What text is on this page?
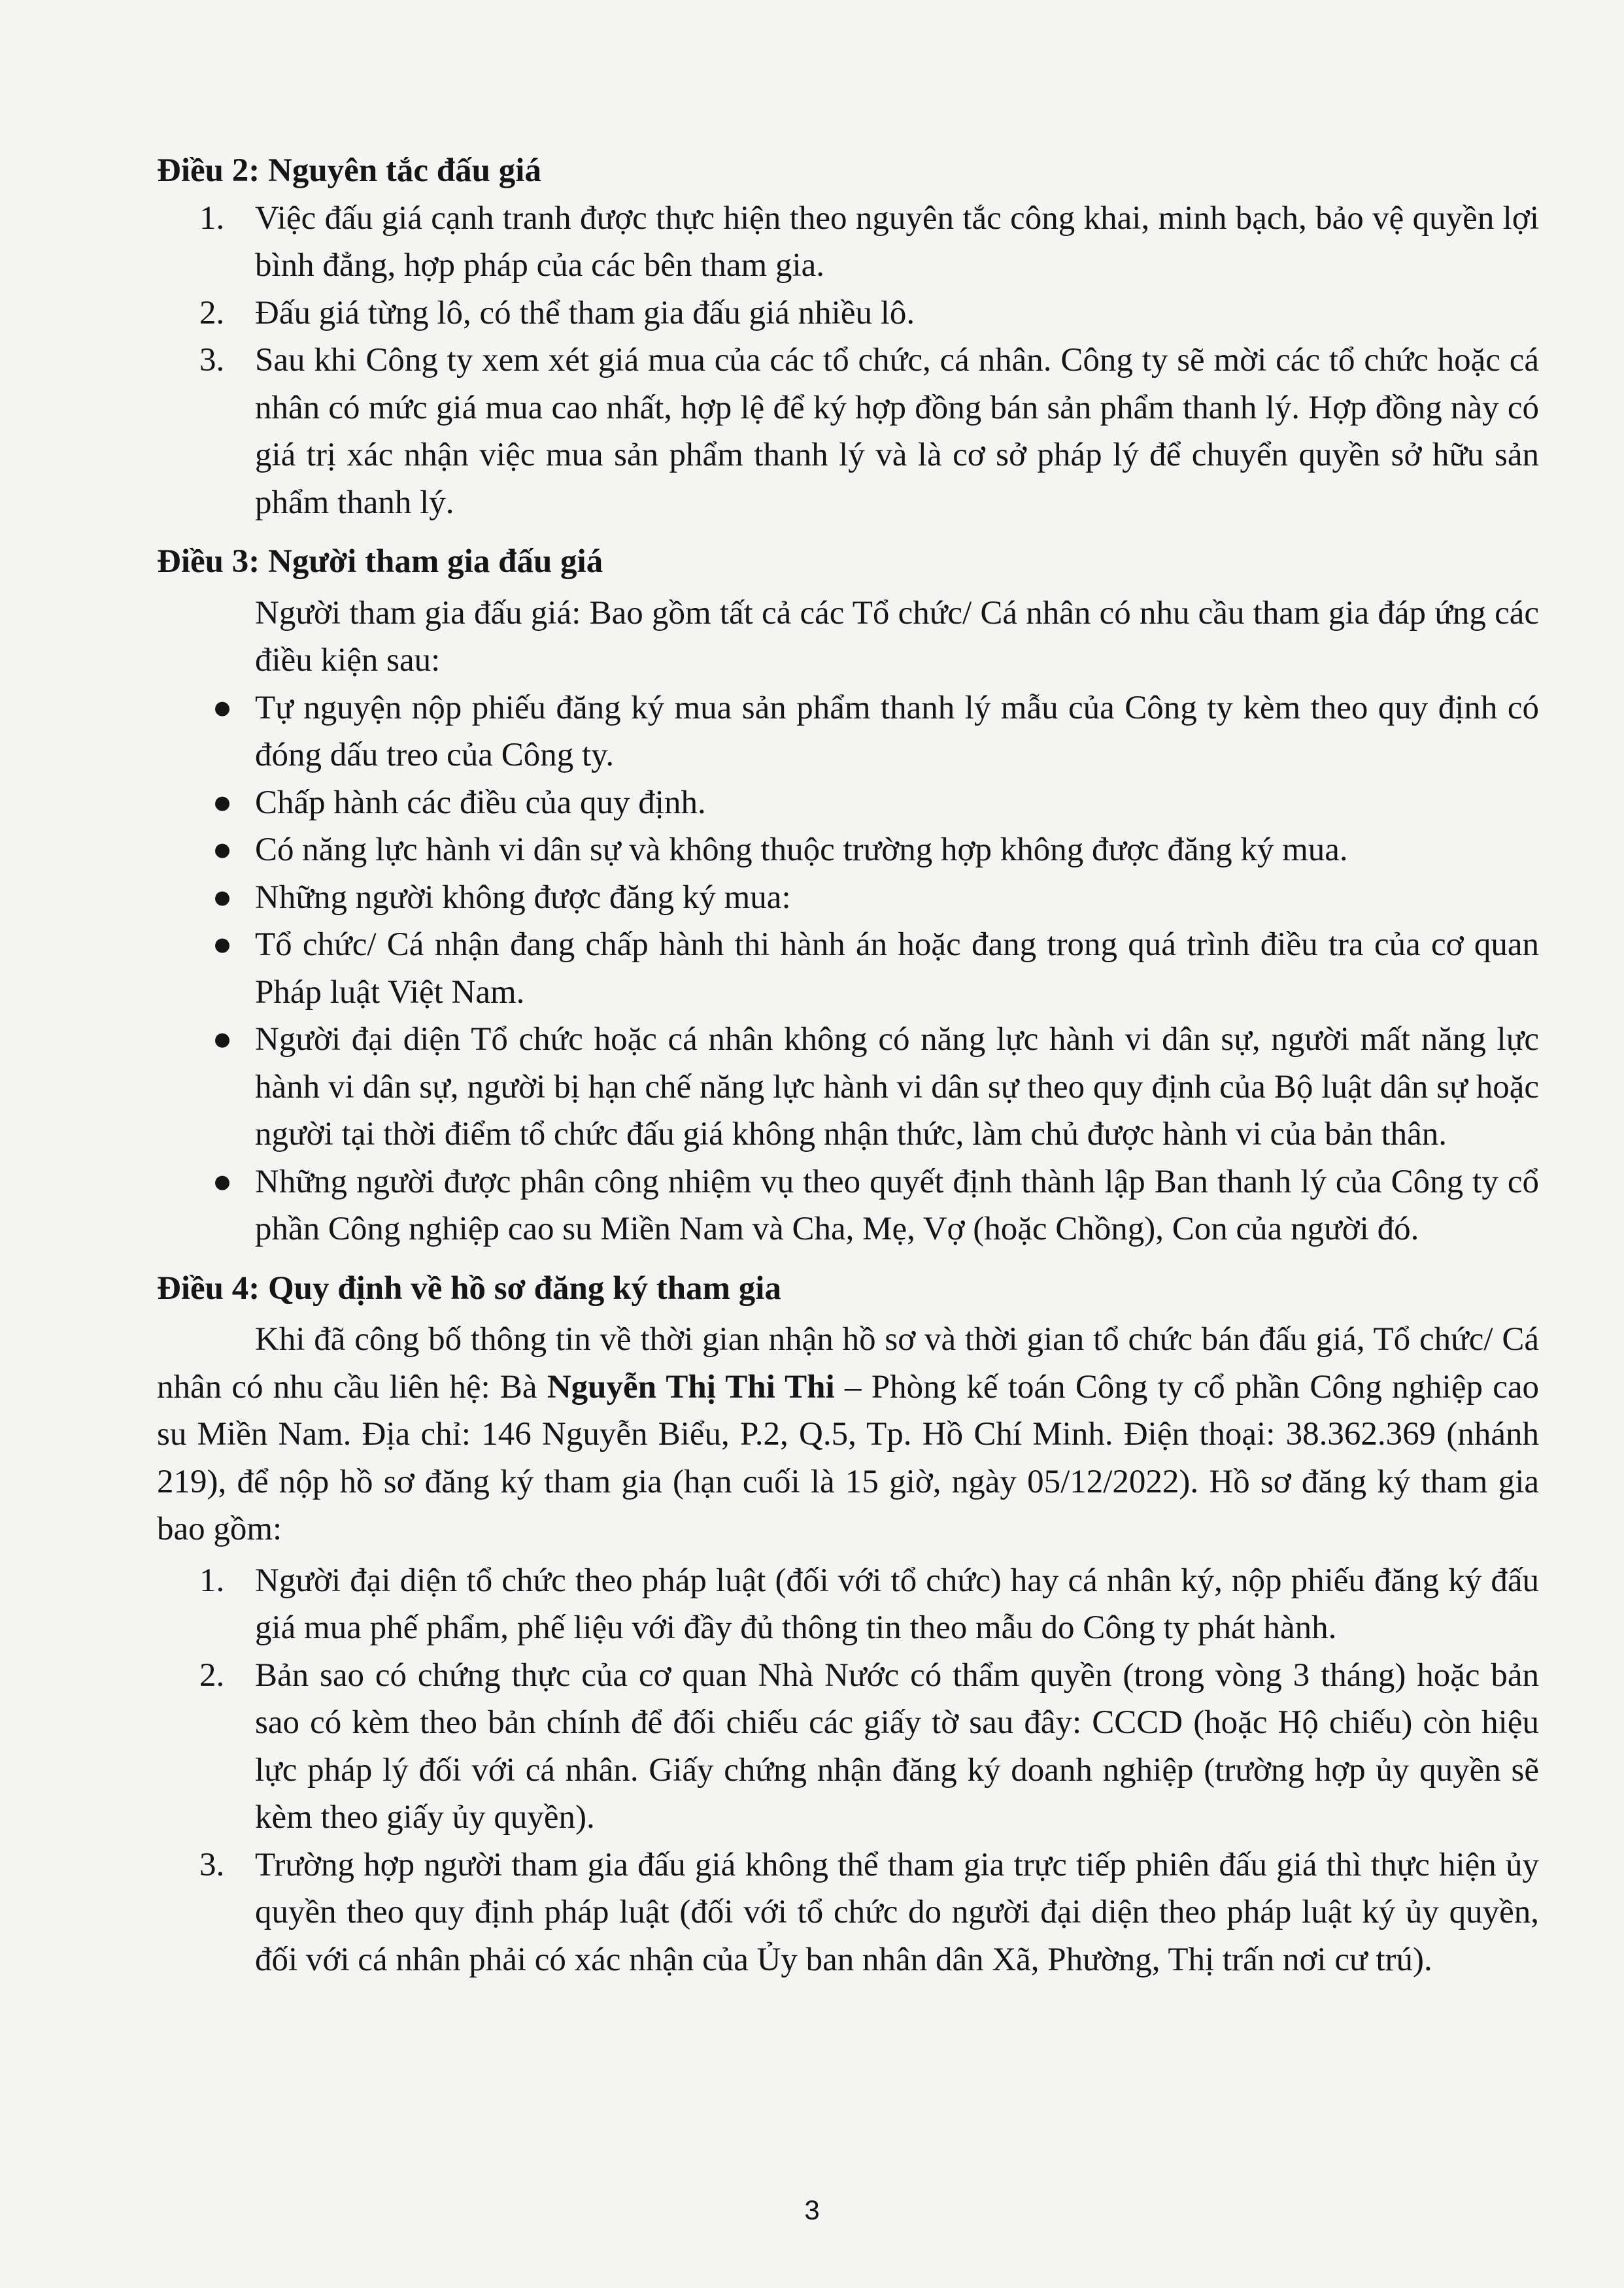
Điều 2: Nguyên tắc đấu giá

1. Việc đấu giá cạnh tranh được thực hiện theo nguyên tắc công khai, minh bạch, bảo vệ quyền lợi bình đẳng, hợp pháp của các bên tham gia.
2. Đấu giá từng lô, có thể tham gia đấu giá nhiều lô.
3. Sau khi Công ty xem xét giá mua của các tổ chức, cá nhân. Công ty sẽ mời các tổ chức hoặc cá nhân có mức giá mua cao nhất, hợp lệ để ký hợp đồng bán sản phẩm thanh lý. Hợp đồng này có giá trị xác nhận việc mua sản phẩm thanh lý và là cơ sở pháp lý để chuyển quyền sở hữu sản phẩm thanh lý.

Điều 3: Người tham gia đấu giá

Người tham gia đấu giá: Bao gồm tất cả các Tổ chức/ Cá nhân có nhu cầu tham gia đáp ứng các điều kiện sau:

● Tự nguyện nộp phiếu đăng ký mua sản phẩm thanh lý mẫu của Công ty kèm theo quy định có đóng dấu treo của Công ty.
● Chấp hành các điều của quy định.
● Có năng lực hành vi dân sự và không thuộc trường hợp không được đăng ký mua.
● Những người không được đăng ký mua:
● Tổ chức/ Cá nhận đang chấp hành thi hành án hoặc đang trong quá trình điều tra của cơ quan Pháp luật Việt Nam.
● Người đại diện Tổ chức hoặc cá nhân không có năng lực hành vi dân sự, người mất năng lực hành vi dân sự, người bị hạn chế năng lực hành vi dân sự theo quy định của Bộ luật dân sự hoặc người tại thời điểm tổ chức đấu giá không nhận thức, làm chủ được hành vi của bản thân.
● Những người được phân công nhiệm vụ theo quyết định thành lập Ban thanh lý của Công ty cổ phần Công nghiệp cao su Miền Nam và Cha, Mẹ, Vợ (hoặc Chồng), Con của người đó.

Điều 4: Quy định về hồ sơ đăng ký tham gia

Khi đã công bố thông tin về thời gian nhận hồ sơ và thời gian tổ chức bán đấu giá, Tổ chức/ Cá nhân có nhu cầu liên hệ: Bà Nguyễn Thị Thi Thi – Phòng kế toán Công ty cổ phần Công nghiệp cao su Miền Nam. Địa chỉ: 146 Nguyễn Biểu, P.2, Q.5, Tp. Hồ Chí Minh. Điện thoại: 38.362.369 (nhánh 219), để nộp hồ sơ đăng ký tham gia (hạn cuối là 15 giờ, ngày 05/12/2022). Hồ sơ đăng ký tham gia bao gồm:

1. Người đại diện tổ chức theo pháp luật (đối với tổ chức) hay cá nhân ký, nộp phiếu đăng ký đấu giá mua phế phẩm, phế liệu với đầy đủ thông tin theo mẫu do Công ty phát hành.
2. Bản sao có chứng thực của cơ quan Nhà Nước có thẩm quyền (trong vòng 3 tháng) hoặc bản sao có kèm theo bản chính để đối chiếu các giấy tờ sau đây: CCCD (hoặc Hộ chiếu) còn hiệu lực pháp lý đối với cá nhân. Giấy chứng nhận đăng ký doanh nghiệp (trường hợp ủy quyền sẽ kèm theo giấy ủy quyền).
3. Trường hợp người tham gia đấu giá không thể tham gia trực tiếp phiên đấu giá thì thực hiện ủy quyền theo quy định pháp luật (đối với tổ chức do người đại diện theo pháp luật ký ủy quyền, đối với cá nhân phải có xác nhận của Ủy ban nhân dân Xã, Phường, Thị trấn nơi cư trú).
3
